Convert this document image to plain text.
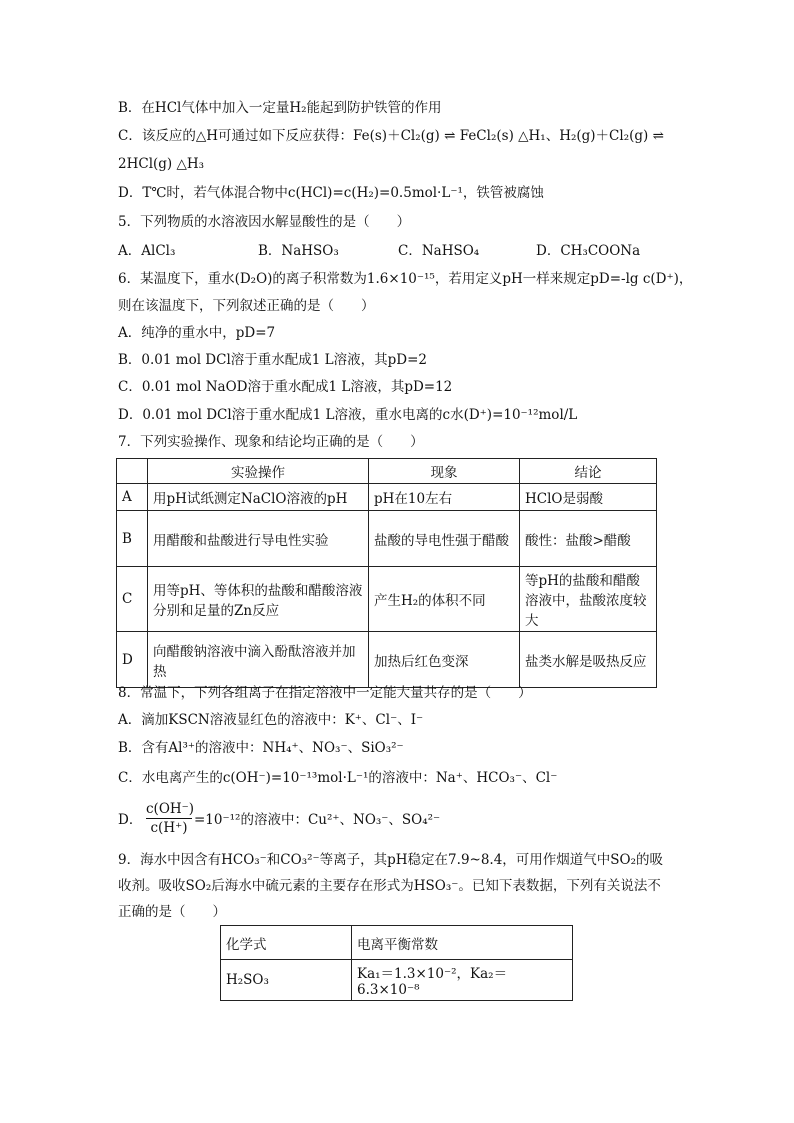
B．在HCl气体中加入一定量H₂能起到防护铁管的作用
C．该反应的△H可通过如下反应获得：Fe(s)＋Cl₂(g) ⇌ FeCl₂(s) △H₁、H₂(g)＋Cl₂(g) ⇌
2HCl(g) △H₃
D．T℃时，若气体混合物中c(HCl)=c(H₂)=0.5mol·L⁻¹，铁管被腐蚀
5．下列物质的水溶液因水解显酸性的是（　　）
A．AlCl₃	B．NaHSO₃	C．NaHSO₄	D．CH₃COONa
6．某温度下，重水(D₂O)的离子积常数为1.6×10⁻¹⁵，若用定义pH一样来规定pD=-lg c(D⁺)，
则在该温度下，下列叙述正确的是（　　）
A．纯净的重水中，pD=7
B．0.01 mol DCl溶于重水配成1 L溶液，其pD=2
C．0.01 mol NaOD溶于重水配成1 L溶液，其pD=12
D．0.01 mol DCl溶于重水配成1 L溶液，重水电离的c水(D⁺)=10⁻¹²mol/L
7．下列实验操作、现象和结论均正确的是（　　）
	实验操作	现象	结论
A	用pH试纸测定NaClO溶液的pH	pH在10左右	HClO是弱酸
B	用醋酸和盐酸进行导电性实验	盐酸的导电性强于醋酸	酸性：盐酸>醋酸
C	用等pH、等体积的盐酸和醋酸溶液分别和足量的Zn反应	产生H₂的体积不同	等pH的盐酸和醋酸溶液中，盐酸浓度较大
D	向醋酸钠溶液中滴入酚酞溶液并加热	加热后红色变深	盐类水解是吸热反应
8．常温下，下列各组离子在指定溶液中一定能大量共存的是（　　）
A．滴加KSCN溶液显红色的溶液中：K⁺、Cl⁻、I⁻
B．含有Al³⁺的溶液中：NH₄⁺、NO₃⁻、SiO₃²⁻
C．水电离产生的c(OH⁻)=10⁻¹³mol·L⁻¹的溶液中：Na⁺、HCO₃⁻、Cl⁻
D．
c(OH⁻)
c(H⁺) =10⁻¹²的溶液中：Cu²⁺、NO₃⁻、SO₄²⁻
9．海水中因含有HCO₃⁻和CO₃²⁻等离子，其pH稳定在7.9~8.4，可用作烟道气中SO₂的吸
收剂。吸收SO₂后海水中硫元素的主要存在形式为HSO₃⁻。已知下表数据，下列有关说法不
正确的是（　　）
化学式	电离平衡常数
H₂SO₃	Ka₁＝1.3×10⁻²，Ka₂＝6.3×10⁻⁸
